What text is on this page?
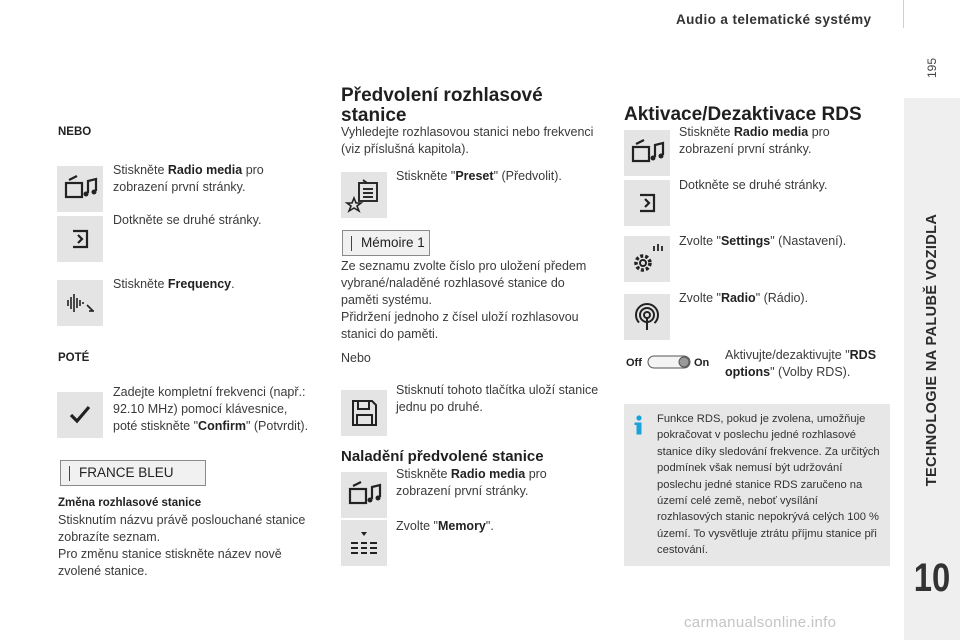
Audio a telematické systémy
195
TECHNOLOGIE NA PALUBĚ VOZIDLA
10
NEBO
Stiskněte Radio media pro zobrazení první stránky.
Dotkněte se druhé stránky.
Stiskněte Frequency.
POTÉ
Zadejte kompletní frekvenci (např.: 92.10 MHz) pomocí klávesnice, poté stiskněte "Confirm" (Potvrdit).
FRANCE BLEU
Změna rozhlasové stanice
Stisknutím názvu právě poslouchané stanice zobrazíte seznam.
Pro změnu stanice stiskněte název nově zvolené stanice.
Předvolení rozhlasové stanice
Vyhledejte rozhlasovou stanici nebo frekvenci (viz příslušná kapitola).
Stiskněte "Preset" (Předvolit).
Mémoire 1
Ze seznamu zvolte číslo pro uložení předem vybrané/naladěné rozhlasové stanice do paměti systému.
Přidržení jednoho z čísel uloží rozhlasovou stanici do paměti.
Nebo
Stisknutí tohoto tlačítka uloží stanice jednu po druhé.
Naladění předvolené stanice
Stiskněte Radio media pro zobrazení první stránky.
Zvolte "Memory".
Aktivace/Dezaktivace RDS
Stiskněte Radio media pro zobrazení první stránky.
Dotkněte se druhé stránky.
Zvolte "Settings" (Nastavení).
Zvolte "Radio" (Rádio).
Off	On
Aktivujte/dezaktivujte "RDS options" (Volby RDS).
Funkce RDS, pokud je zvolena, umožňuje pokračovat v poslechu jedné rozhlasové stanice díky sledování frekvence. Za určitých podmínek však nemusí být udržování poslechu jedné stanice RDS zaručeno na území celé země, neboť vysílání rozhlasových stanic nepokrývá celých 100 % území. To vysvětluje ztrátu příjmu stanice při cestování.
carmanualsonline.info
